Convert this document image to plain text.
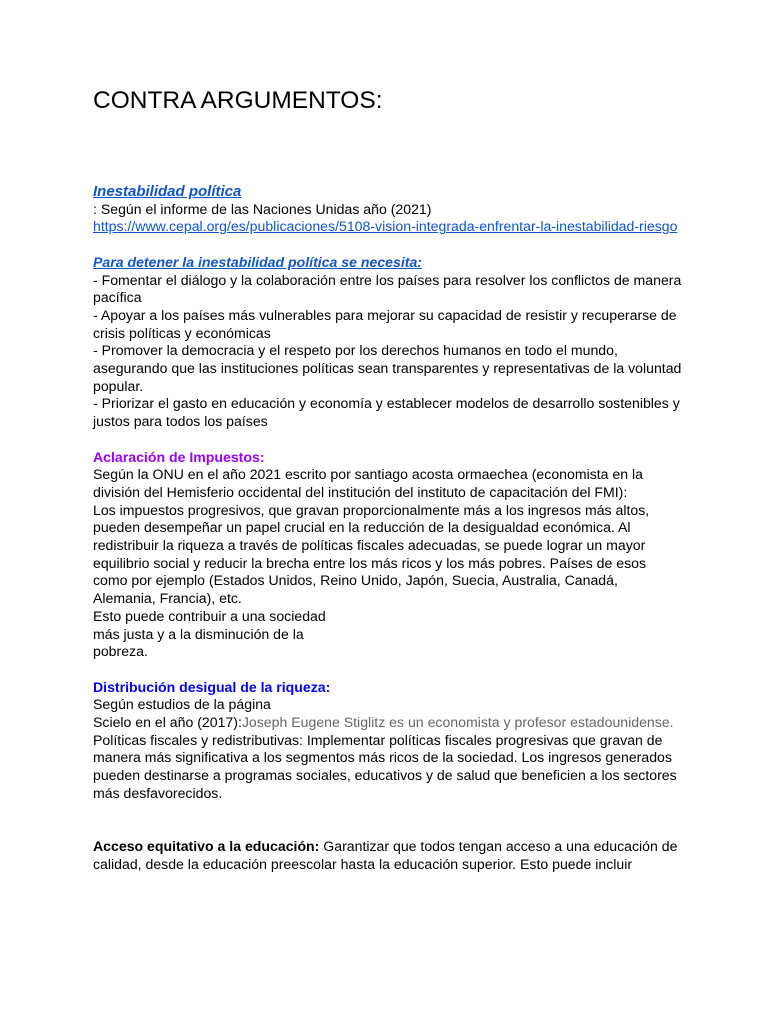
CONTRA ARGUMENTOS:

Inestabilidad política

: Según el informe de las Naciones Unidas año (2021)

https://www.cepal.org/es/publicaciones/5108-vision-integrada-enfrentar-la-inestabilidad-riesgo

Para detener la inestabilidad política se necesita:

- Fomentar el diálogo y la colaboración entre los países para resolver los conflictos de manera pacífica

- Apoyar a los países más vulnerables para mejorar su capacidad de resistir y recuperarse de crisis políticas y económicas

- Promover la democracia y el respeto por los derechos humanos en todo el mundo, asegurando que las instituciones políticas sean transparentes y representativas de la voluntad popular.

- Priorizar el gasto en educación y economía y establecer modelos de desarrollo sostenibles y justos para todos los países

Aclaración de Impuestos:

Según la ONU en el año 2021 escrito por santiago acosta ormaechea (economista en la división del Hemisferio occidental del institución del instituto de capacitación del FMI):

Los impuestos progresivos, que gravan proporcionalmente más a los ingresos más altos, pueden desempeñar un papel crucial en la reducción de la desigualdad económica. Al redistribuir la riqueza a través de políticas fiscales adecuadas, se puede lograr un mayor equilibrio social y reducir la brecha entre los más ricos y los más pobres. Países de esos como por ejemplo (Estados Unidos, Reino Unido, Japón, Suecia, Australia, Canadá, Alemania, Francia), etc.

Esto puede contribuir a una sociedad

más justa y a la disminución de la

pobreza.

Distribución desigual de la riqueza:

Según estudios de la página

Scielo en el año (2017):Joseph Eugene Stiglitz es un economista y profesor estadounidense.

Políticas fiscales y redistributivas: Implementar políticas fiscales progresivas que gravan de manera más significativa a los segmentos más ricos de la sociedad. Los ingresos generados pueden destinarse a programas sociales, educativos y de salud que beneficien a los sectores más desfavorecidos.

Acceso equitativo a la educación: Garantizar que todos tengan acceso a una educación de calidad, desde la educación preescolar hasta la educación superior. Esto puede incluir
